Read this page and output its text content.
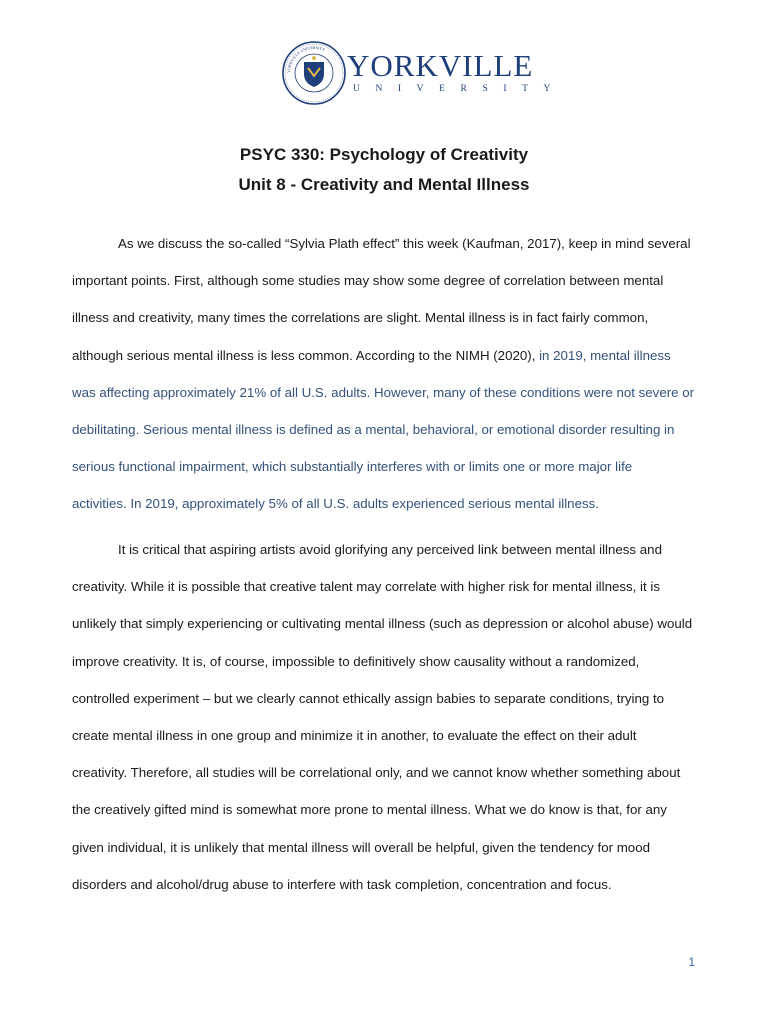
YORKVILLE UNIVERSITY YORKVILLE
UNIVERSITY
PSYC 330: Psychology of Creativity
Unit 8 - Creativity and Mental Illness
As we discuss the so-called “Sylvia Plath effect” this week (Kaufman, 2017), keep in mind several
important points. First, although some studies may show some degree of correlation between mental
illness and creativity, many times the correlations are slight. Mental illness is in fact fairly common,
although serious mental illness is less common. According to the NIMH (2020), in 2019, mental illness
was affecting approximately 21% of all U.S. adults. However, many of these conditions were not severe or
debilitating. Serious mental illness is defined as a mental, behavioral, or emotional disorder resulting in
serious functional impairment, which substantially interferes with or limits one or more major life
activities. In 2019, approximately 5% of all U.S. adults experienced serious mental illness.
It is critical that aspiring artists avoid glorifying any perceived link between mental illness and
creativity. While it is possible that creative talent may correlate with higher risk for mental illness, it is
unlikely that simply experiencing or cultivating mental illness (such as depression or alcohol abuse) would
improve creativity. It is, of course, impossible to definitively show causality without a randomized,
controlled experiment – but we clearly cannot ethically assign babies to separate conditions, trying to
create mental illness in one group and minimize it in another, to evaluate the effect on their adult
creativity. Therefore, all studies will be correlational only, and we cannot know whether something about
the creatively gifted mind is somewhat more prone to mental illness. What we do know is that, for any
given individual, it is unlikely that mental illness will overall be helpful, given the tendency for mood
disorders and alcohol/drug abuse to interfere with task completion, concentration and focus.
1
